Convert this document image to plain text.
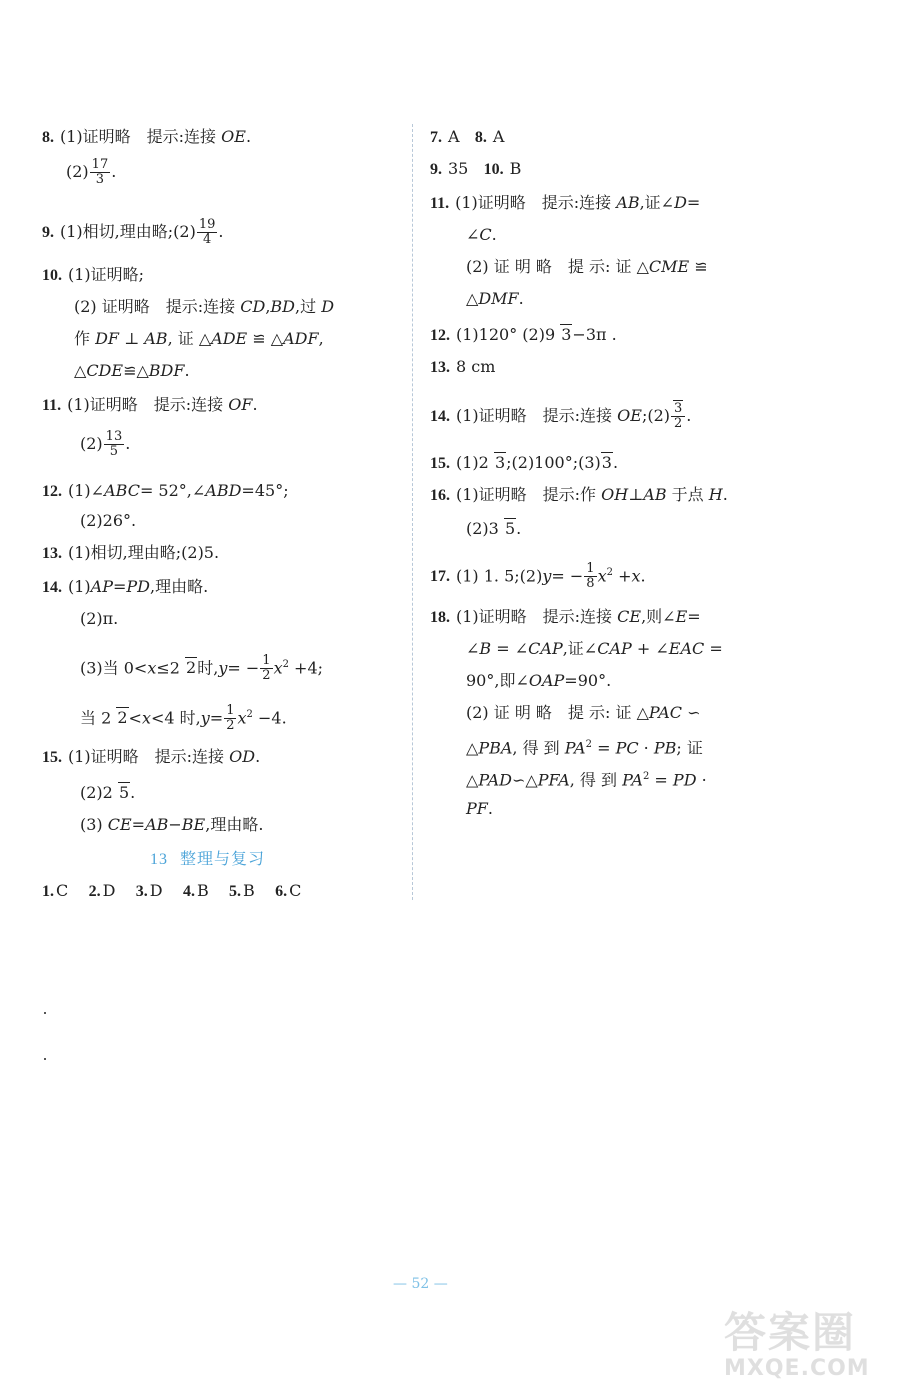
8. (1)证明略　提示:连接 OE.
$(2) \frac{17}{3}$ .
9. (1)相切,理由略;(2) $\frac{19}{4}$ .
10. (1)证明略;
(2) 证明略　提示:连接 CD,BD,过 D
作 DF ⊥ AB, 证 △ADE ≌ △ADF,
△CDE≌△BDF.
11. (1)证明略　提示:连接 OF.
$(2) \frac{13}{5}$ .
12. (1)∠ABC= 52°,∠ABD=45°;
(2)26°.
13. (1)相切,理由略;(2)5.
14. (1)AP=PD,理由略.
(2)π.
(3)当 0<x≤2 2时$,y= - \frac{1}{2} x^2 +4$;
当 2 2<x<4 时$,y= \frac{1}{2} x^2 -4$.
15. (1)证明略　提示:连接 OD.
(2)2 5.
(3) CE=AB−BE,理由略.
13 整理与复习
1. C 2. D 3. D 4. B 5. B 6. C
7. A 8. A
9. 35 10. B
11. (1)证明略　提示:连接 AB,证∠D=
∠C.
(2) 证 明 略　提 示: 证 △CME ≌
△DMF.
12. (1)120° (2)9 3−3π .
13. 8 cm
14. (1)证明略　提示:连接 OE;(2) $\frac{3}{2}$ .
15. (1)2 3;(2)100°;(3)3.
16. (1)证明略　提示:作 OH⊥AB 于点 H.
(2)3 5.
17. (1) 1. 5;(2)y= − $\frac{1}{8} x^2 +x$.
18. (1)证明略　提示:连接 CE,则∠E=
∠B = ∠CAP,证∠CAP + ∠EAC =
90°,即∠OAP=90°.
(2) 证 明 略　提 示: 证 △PAC ∽
△PBA, 得 到 $PA^2$ = PC · PB; 证
△PAD∽△PFA, 得 到 $PA^2$ = PD ·
PF.
— 52 —
答案圈
MXQE.COM
